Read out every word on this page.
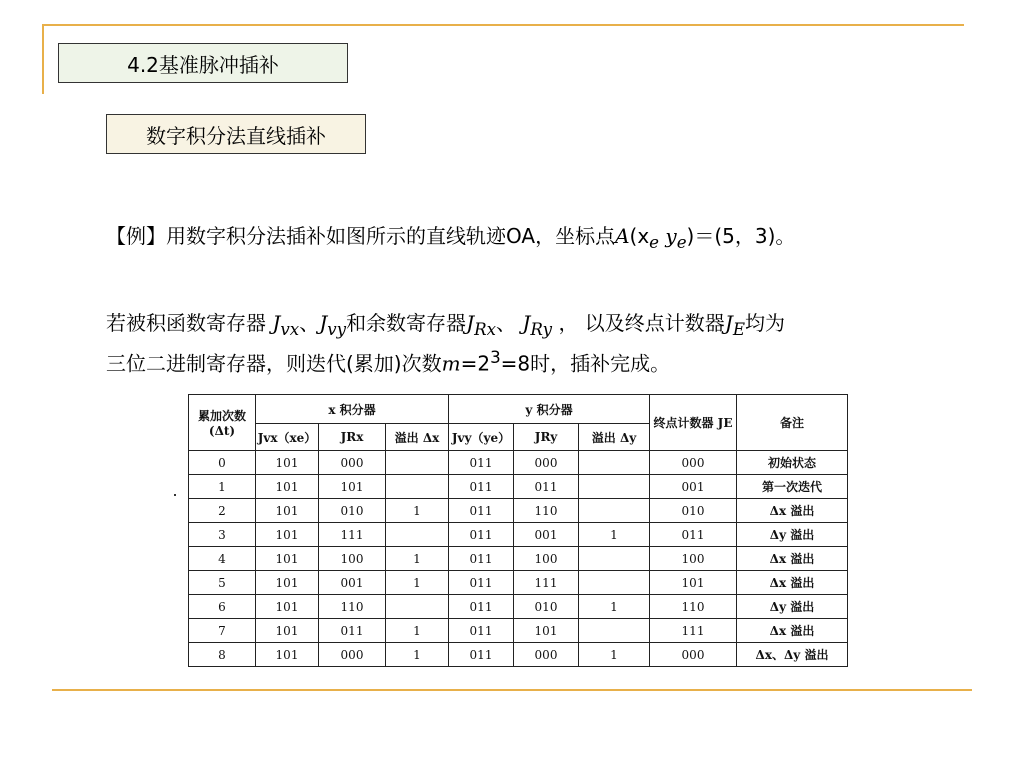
4.2基准脉冲插补
数字积分法直线插补
【例】用数字积分法插补如图所示的直线轨迹OA，坐标点$A(x_e$ $y_e)=(5$，3)。
若被积函数寄存器 $J_{vx}$、$J_{vy}$和余数寄存器$J_{Rx}$、 $J_{Ry}$ ， 以及终点计数器$J_E$均为
三位二进制寄存器，则迭代(累加)次数$m=2^3=8$时，插补完成。
累加次数(Δt)	x 积分器			y 积分器			终点计数器 JE	备注
	Jvx（xe）	JRx	溢出 Δx	Jvy（ye）	JRy	溢出 Δy		
0	101	000		011	000		000	初始状态
1	101	101		011	011		001	第一次迭代
2	101	010	1	011	110		010	Δx 溢出
3	101	111		011	001	1	011	Δy 溢出
4	101	100	1	011	100		100	Δx 溢出
5	101	001	1	011	111		101	Δx 溢出
6	101	110		011	010	1	110	Δy 溢出
7	101	011	1	011	101		111	Δx 溢出
8	101	000	1	011	000	1	000	Δx、Δy 溢出
